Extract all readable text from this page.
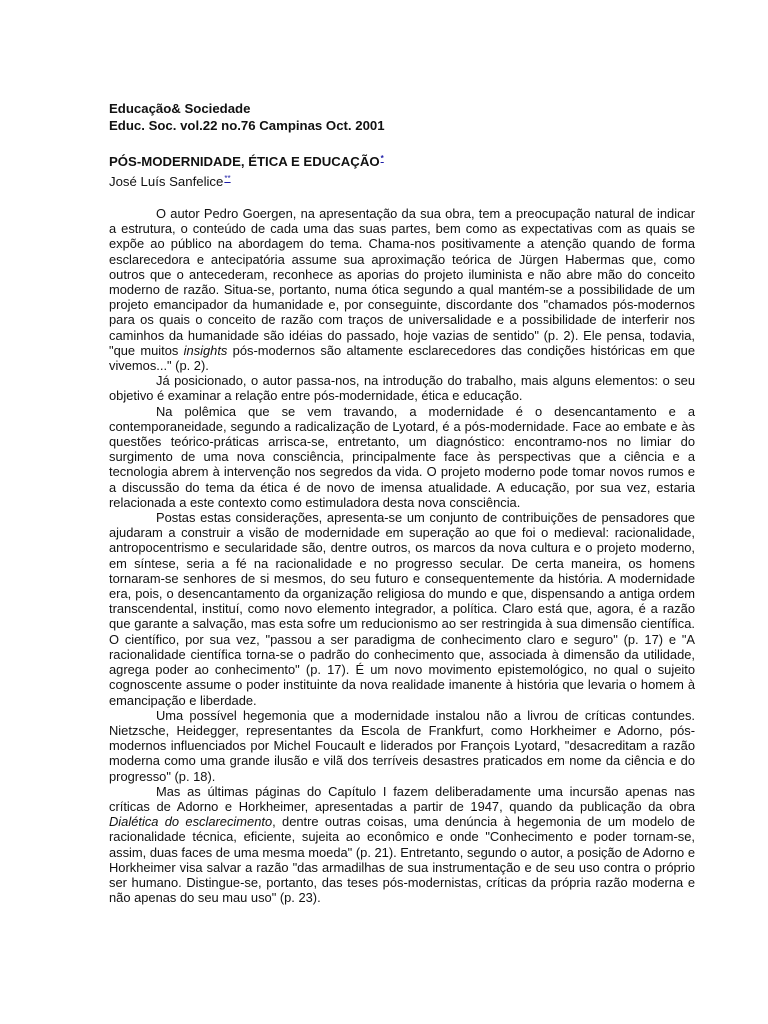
Educação& Sociedade
Educ. Soc. vol.22 no.76 Campinas Oct. 2001
PÓS-MODERNIDADE, ÉTICA E EDUCAÇÃO*
José Luís Sanfelice**

O autor Pedro Goergen, na apresentação da sua obra, tem a preocupação natural de indicar a estrutura, o conteúdo de cada uma das suas partes, bem como as expectativas com as quais se expõe ao público na abordagem do tema. Chama-nos positivamente a atenção quando de forma esclarecedora e antecipatória assume sua aproximação teórica de Jürgen Habermas que, como outros que o antecederam, reconhece as aporias do projeto iluminista e não abre mão do conceito moderno de razão. Situa-se, portanto, numa ótica segundo a qual mantém-se a possibilidade de um projeto emancipador da humanidade e, por conseguinte, discordante dos "chamados pós-modernos para os quais o conceito de razão com traços de universalidade e a possibilidade de interferir nos caminhos da humanidade são idéias do passado, hoje vazias de sentido" (p. 2). Ele pensa, todavia, "que muitos insights pós-modernos são altamente esclarecedores das condições históricas em que vivemos..." (p. 2).

Já posicionado, o autor passa-nos, na introdução do trabalho, mais alguns elementos: o seu objetivo é examinar a relação entre pós-modernidade, ética e educação.

Na polêmica que se vem travando, a modernidade é o desencantamento e a contemporaneidade, segundo a radicalização de Lyotard, é a pós-modernidade. Face ao embate e às questões teórico-práticas arrisca-se, entretanto, um diagnóstico: encontramo-nos no limiar do surgimento de uma nova consciência, principalmente face às perspectivas que a ciência e a tecnologia abrem à intervenção nos segredos da vida. O projeto moderno pode tomar novos rumos e a discussão do tema da ética é de novo de imensa atualidade. A educação, por sua vez, estaria relacionada a este contexto como estimuladora desta nova consciência.

Postas estas considerações, apresenta-se um conjunto de contribuições de pensadores que ajudaram a construir a visão de modernidade em superação ao que foi o medieval: racionalidade, antropocentrismo e secularidade são, dentre outros, os marcos da nova cultura e o projeto moderno, em síntese, seria a fé na racionalidade e no progresso secular. De certa maneira, os homens tornaram-se senhores de si mesmos, do seu futuro e consequentemente da história. A modernidade era, pois, o desencantamento da organização religiosa do mundo e que, dispensando a antiga ordem transcendental, instituí, como novo elemento integrador, a política. Claro está que, agora, é a razão que garante a salvação, mas esta sofre um reducionismo ao ser restringida à sua dimensão científica. O científico, por sua vez, "passou a ser paradigma de conhecimento claro e seguro" (p. 17) e "A racionalidade científica torna-se o padrão do conhecimento que, associada à dimensão da utilidade, agrega poder ao conhecimento" (p. 17). É um novo movimento epistemológico, no qual o sujeito cognoscente assume o poder instituinte da nova realidade imanente à história que levaria o homem à emancipação e liberdade.

Uma possível hegemonia que a modernidade instalou não a livrou de críticas contundes. Nietzsche, Heidegger, representantes da Escola de Frankfurt, como Horkheimer e Adorno, pós-modernos influenciados por Michel Foucault e liderados por François Lyotard, "desacreditam a razão moderna como uma grande ilusão e vilã dos terríveis desastres praticados em nome da ciência e do progresso" (p. 18).

Mas as últimas páginas do Capítulo I fazem deliberadamente uma incursão apenas nas críticas de Adorno e Horkheimer, apresentadas a partir de 1947, quando da publicação da obra Dialética do esclarecimento, dentre outras coisas, uma denúncia à hegemonia de um modelo de racionalidade técnica, eficiente, sujeita ao econômico e onde "Conhecimento e poder tornam-se, assim, duas faces de uma mesma moeda" (p. 21). Entretanto, segundo o autor, a posição de Adorno e Horkheimer visa salvar a razão "das armadilhas de sua instrumentação e de seu uso contra o próprio ser humano. Distingue-se, portanto, das teses pós-modernistas, críticas da própria razão moderna e não apenas do seu mau uso" (p. 23).
